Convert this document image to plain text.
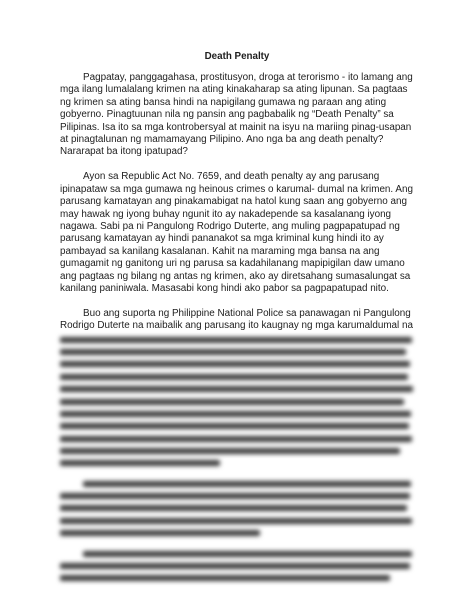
Death Penalty

Pagpatay, panggagahasa, prostitusyon, droga at terorismo - ito lamang ang mga ilang lumalalang krimen na ating kinakaharap sa ating lipunan. Sa pagtaas ng krimen sa ating bansa hindi na napigilang gumawa ng paraan ang ating gobyerno. Pinagtuunan nila ng pansin ang pagbabalik ng “Death Penalty” sa Pilipinas. Isa ito sa mga kontrobersyal at mainit na isyu na mariing pinag-usapan at pinagtalunan ng mamamayang Pilipino. Ano nga ba ang death penalty? Nararapat ba itong ipatupad?

Ayon sa Republic Act No. 7659, and death penalty ay ang parusang ipinapataw sa mga gumawa ng heinous crimes o karumal- dumal na krimen. Ang parusang kamatayan ang pinakamabigat na hatol kung saan ang gobyerno ang may hawak ng iyong buhay ngunit ito ay nakadepende sa kasalanang iyong nagawa. Sabi pa ni Pangulong Rodrigo Duterte, ang muling pagpapatupad ng parusang kamatayan ay hindi pananakot sa mga kriminal kung hindi ito ay pambayad sa kanilang kasalanan. Kahit na maraming mga bansa na ang gumagamit ng ganitong uri ng parusa sa kadahilanang mapipigilan daw umano ang pagtaas ng bilang ng antas ng krimen, ako ay diretsahang sumasalungat sa kanilang paniniwala. Masasabi kong hindi ako pabor sa pagpapatupad nito.

Buo ang suporta ng Philippine National Police sa panawagan ni Pangulong Rodrigo Duterte na maibalik ang parusang ito kaugnay ng mga karumaldumal na
